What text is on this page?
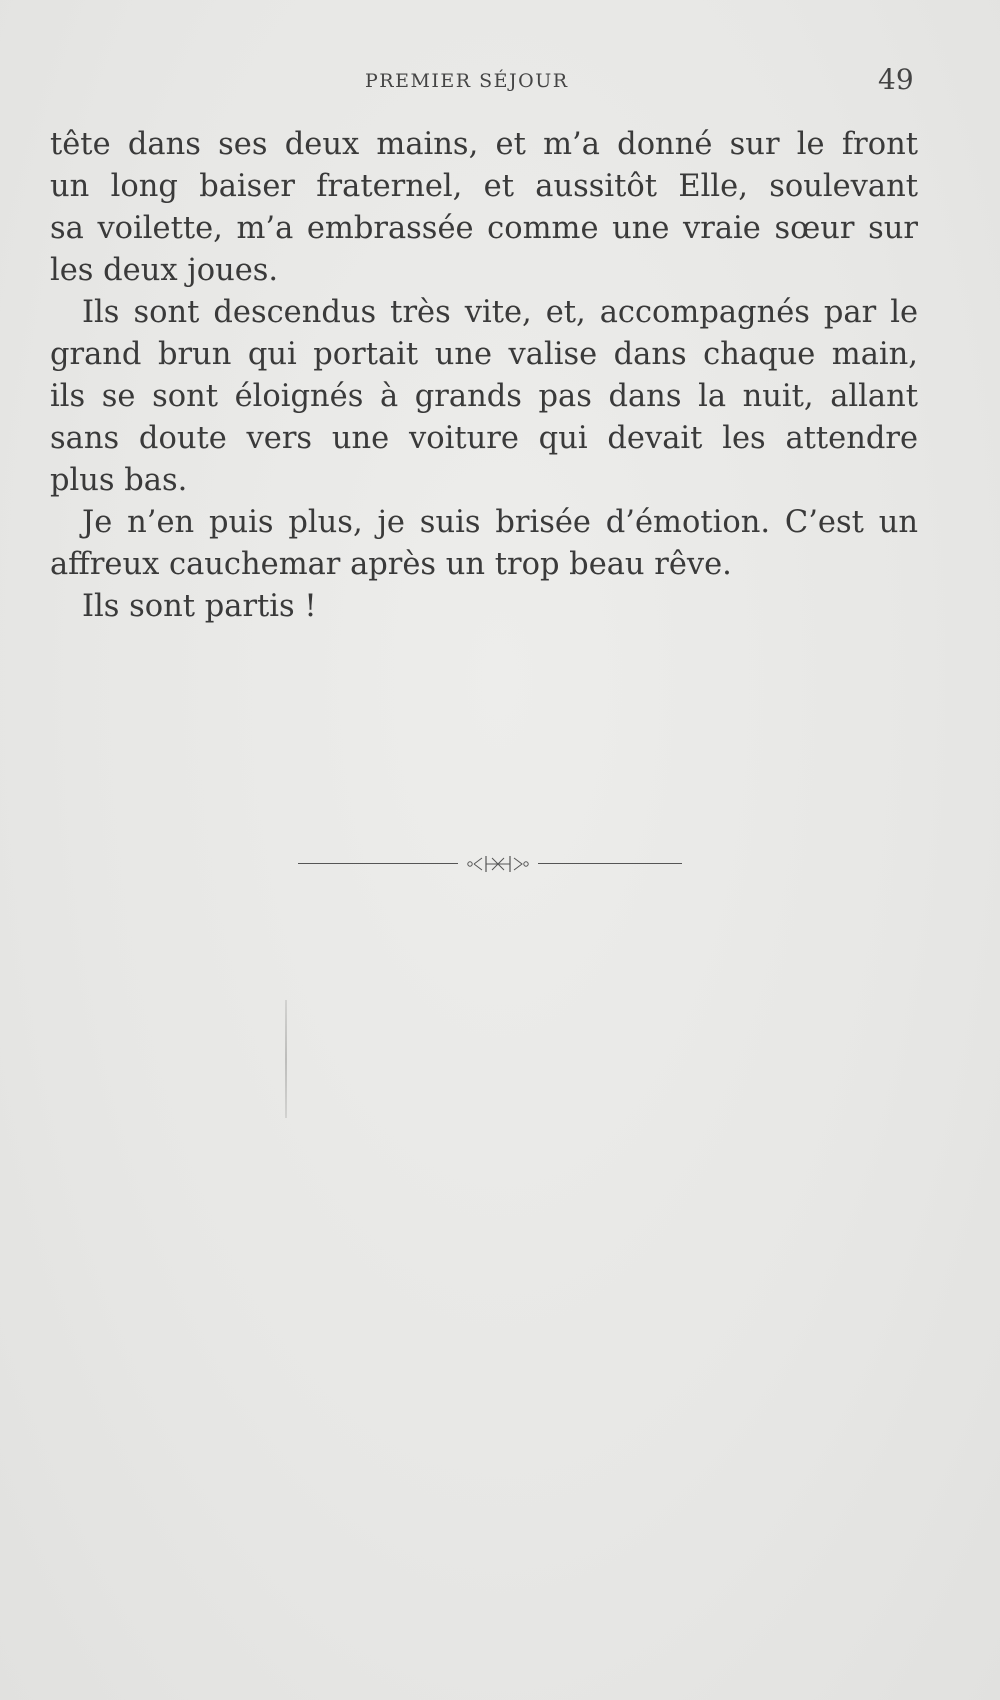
PREMIER SÉJOUR	49
tête dans ses deux mains, et m’a donné sur le front
un long baiser fraternel, et aussitôt Elle, soulevant
sa voilette, m’a embrassée comme une vraie sœur sur
les deux joues.
Ils sont descendus très vite, et, accompagnés par le
grand brun qui portait une valise dans chaque main,
ils se sont éloignés à grands pas dans la nuit, allant
sans doute vers une voiture qui devait les attendre
plus bas.
Je n’en puis plus, je suis brisée d’émotion. C’est un
affreux cauchemar après un trop beau rêve.
Ils sont partis !
